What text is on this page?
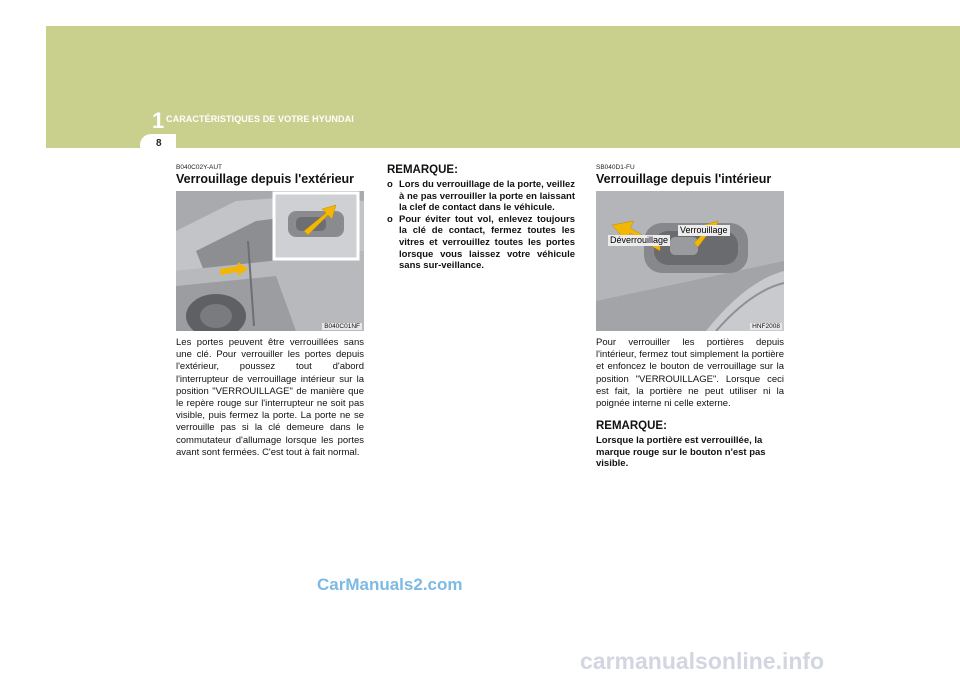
1 CARACTÉRISTIQUES DE VOTRE HYUNDAI
8
B040C02Y-AUT
Verrouillage depuis l'extérieur
B040C01NF

Les portes peuvent être verrouillées sans une clé. Pour verrouiller les portes depuis l'extérieur, poussez tout d'abord l'interrupteur de verrouillage intérieur sur la position "VERROUILLAGE" de manière que le repère rouge sur l'interrupteur ne soit pas visible, puis fermez la porte. La porte ne se verrouille pas si la clé demeure dans le commutateur d'allumage lorsque les portes avant sont fermées. C'est tout à fait normal.

REMARQUE:
o Lors du verrouillage de la porte, veillez à ne pas verrouiller la porte en laissant la clef de contact dans le véhicule.
o Pour éviter tout vol, enlevez toujours la clé de contact, fermez toutes les vitres et verrouillez toutes les portes lorsque vous laissez votre véhicule sans sur-veillance.
SB040D1-FU
Verrouillage depuis l'intérieur
Déverrouillage
Verrouillage
HNF2008

Pour verrouiller les portières depuis l'intérieur, fermez tout simplement la portière et enfoncez le bouton de verrouillage sur la position "VERROUILLAGE". Lorsque ceci est fait, la portière ne peut utiliser ni la poignée interne ni celle externe.

REMARQUE:

Lorsque la portière est verrouillée, la marque rouge sur le bouton n'est pas visible.

CarManuals2.com
carmanualsonline.info
